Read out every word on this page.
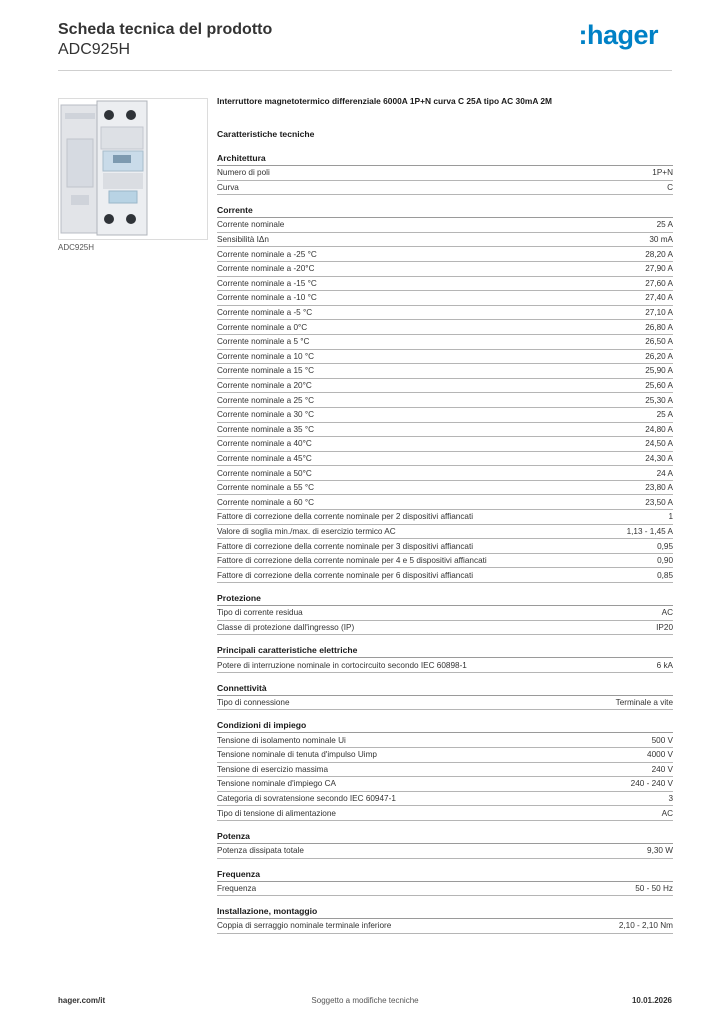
Scheda tecnica del prodotto
ADC925H	:hager
ADC925H
Interruttore magnetotermico differenziale 6000A 1P+N curva C 25A tipo AC 30mA 2M
Caratteristiche tecniche
Architettura
Numero di poli	1P+N
Curva	C
Corrente
Corrente nominale	25 A
Sensibilità IΔn	30 mA
Corrente nominale a -25 °C	28,20 A
Corrente nominale a -20°C	27,90 A
Corrente nominale a -15 °C	27,60 A
Corrente nominale a -10 °C	27,40 A
Corrente nominale a -5 °C	27,10 A
Corrente nominale a 0°C	26,80 A
Corrente nominale a 5 °C	26,50 A
Corrente nominale a 10 °C	26,20 A
Corrente nominale a 15 °C	25,90 A
Corrente nominale a 20°C	25,60 A
Corrente nominale a 25 °C	25,30 A
Corrente nominale a 30 °C	25 A
Corrente nominale a 35 °C	24,80 A
Corrente nominale a 40°C	24,50 A
Corrente nominale a 45°C	24,30 A
Corrente nominale a 50°C	24 A
Corrente nominale a 55 °C	23,80 A
Corrente nominale a 60 °C	23,50 A
Fattore di correzione della corrente nominale per 2 dispositivi affiancati	1
Valore di soglia min./max. di esercizio termico AC	1,13 - 1,45 A
Fattore di correzione della corrente nominale per 3 dispositivi affiancati	0,95
Fattore di correzione della corrente nominale per 4 e 5 dispositivi affiancati	0,90
Fattore di correzione della corrente nominale per 6 dispositivi affiancati	0,85
Protezione
Tipo di corrente residua	AC
Classe di protezione dall'ingresso (IP)	IP20
Principali caratteristiche elettriche
Potere di interruzione nominale in cortocircuito secondo IEC 60898-1	6 kA
Connettività
Tipo di connessione	Terminale a vite
Condizioni di impiego
Tensione di isolamento nominale Ui	500 V
Tensione nominale di tenuta d'impulso Uimp	4000 V
Tensione di esercizio massima	240 V
Tensione nominale d'impiego CA	240 - 240 V
Categoria di sovratensione secondo IEC 60947-1	3
Tipo di tensione di alimentazione	AC
Potenza
Potenza dissipata totale	9,30 W
Frequenza
Frequenza	50 - 50 Hz
Installazione, montaggio
Coppia di serraggio nominale terminale inferiore	2,10 - 2,10 Nm
hager.com/it	Soggetto a modifiche tecniche	10.01.2026
